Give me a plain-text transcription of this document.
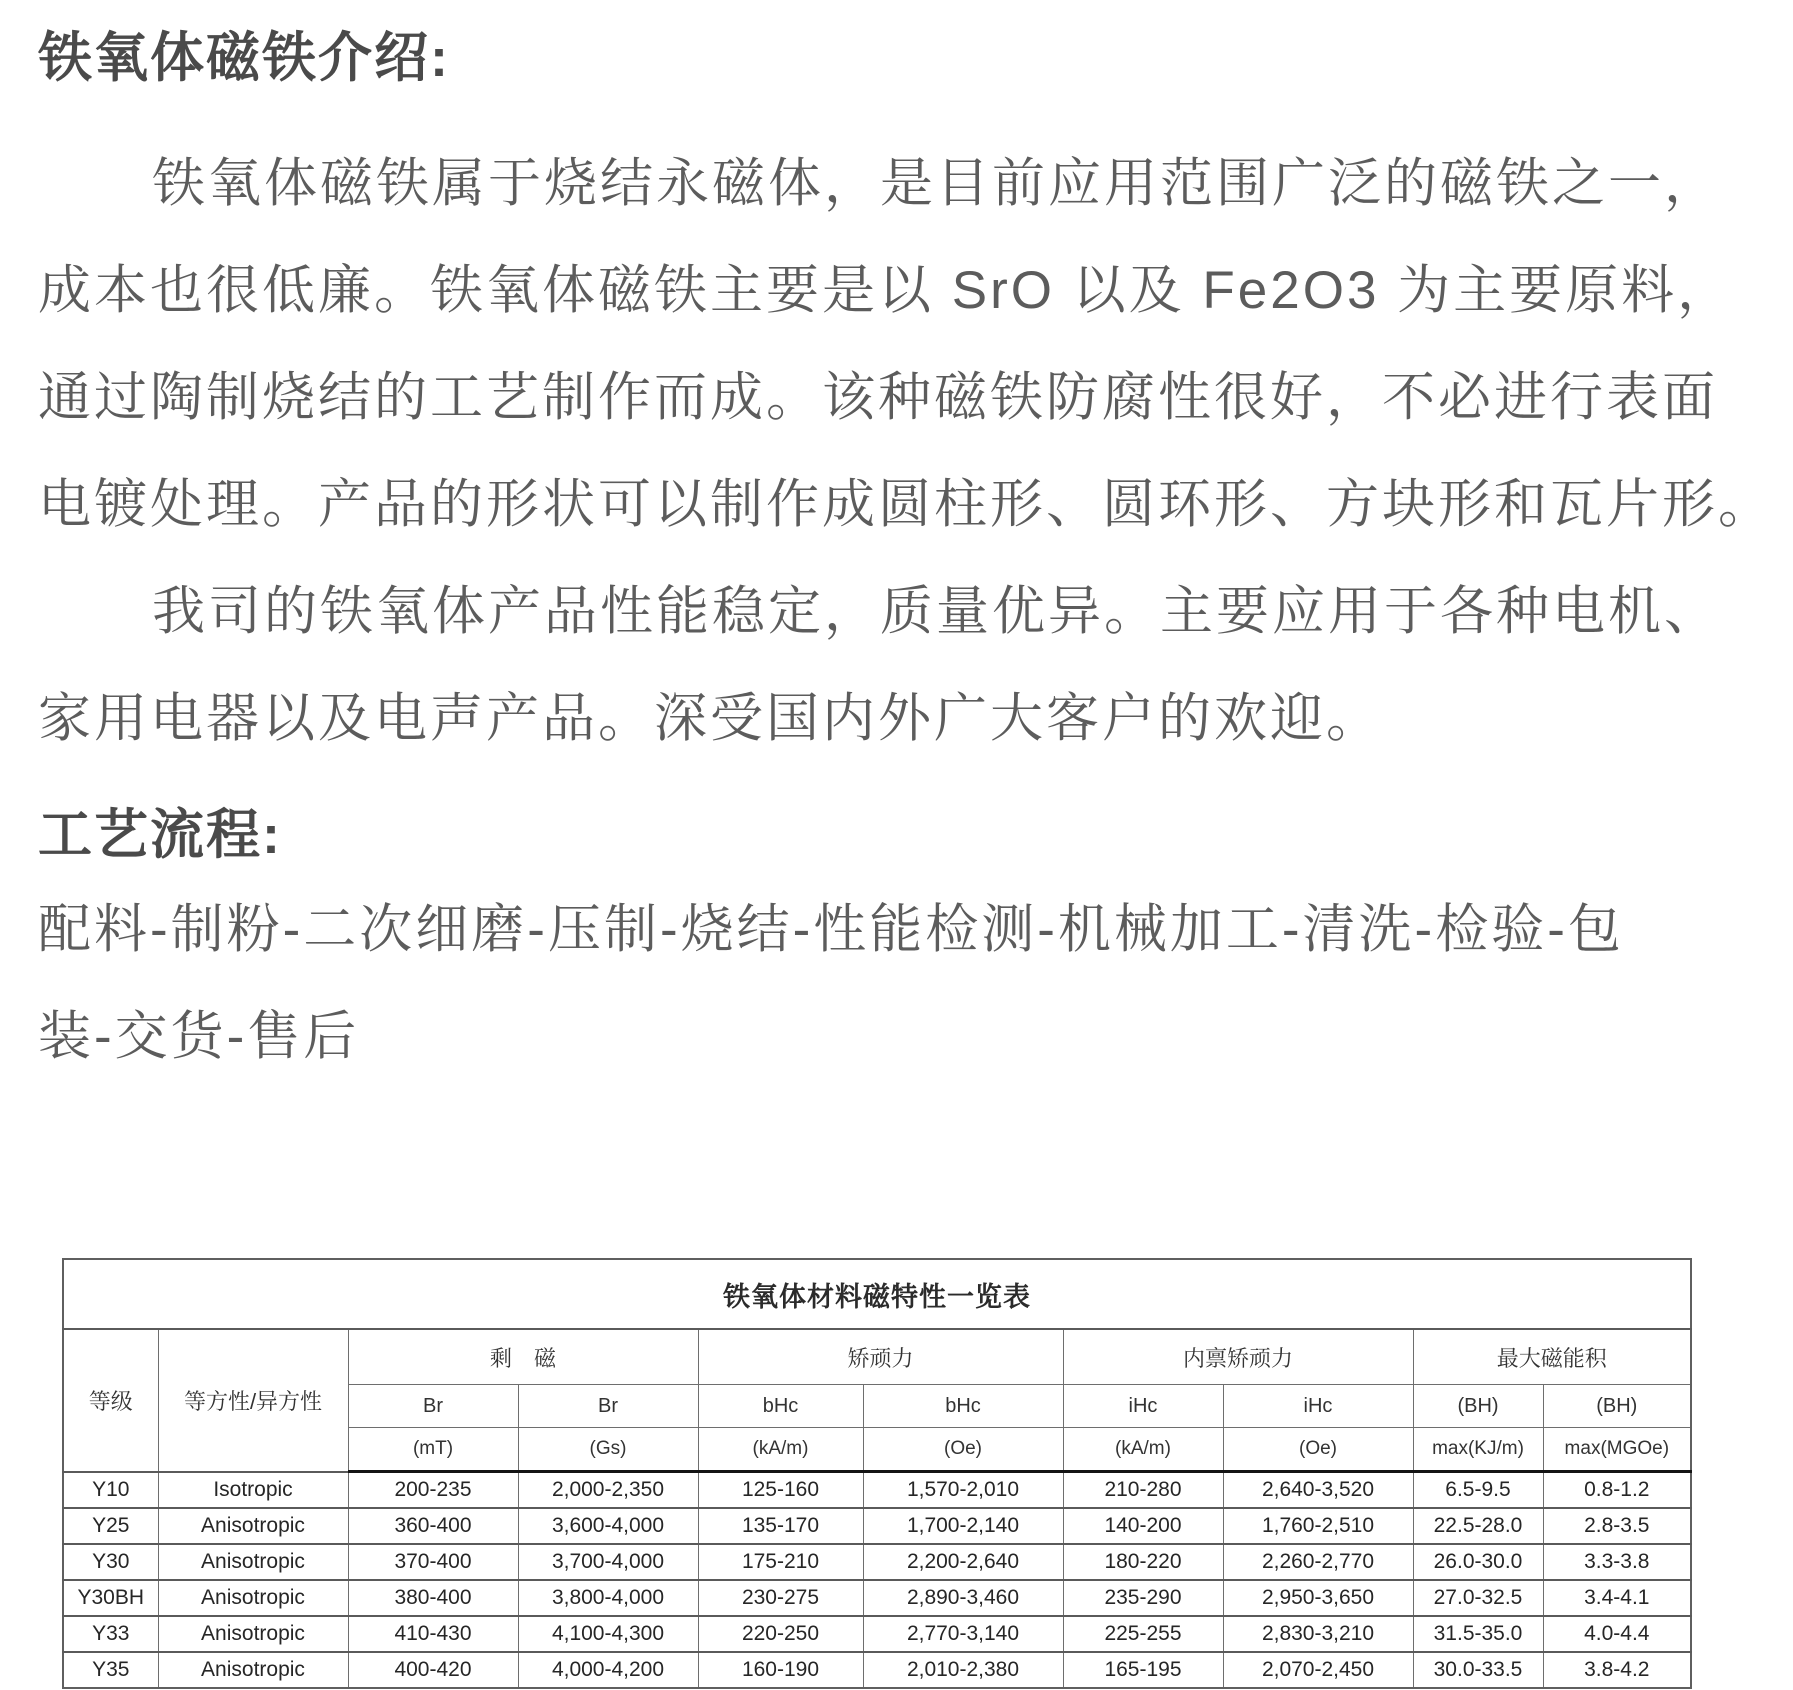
铁氧体磁铁介绍:

铁氧体磁铁属于烧结永磁体，是目前应用范围广泛的磁铁之一，

成本也很低廉。铁氧体磁铁主要是以 SrO 以及 Fe2O3 为主要原料，

通过陶制烧结的工艺制作而成。该种磁铁防腐性很好，不必进行表面

电镀处理。产品的形状可以制作成圆柱形、圆环形、方块形和瓦片形。

我司的铁氧体产品性能稳定，质量优异。主要应用于各种电机、

家用电器以及电声产品。深受国内外广大客户的欢迎。

工艺流程:

配料-制粉-二次细磨-压制-烧结-性能检测-机械加工-清洗-检验-包

装-交货-售后

铁氧体材料磁特性一览表									
等级	等方性/异方性	剩　磁		矫顽力		内禀矫顽力		最大磁能积	
		Br	Br	bHc	bHc	iHc	iHc	(BH)	(BH)
		(mT)	(Gs)	(kA/m)	(Oe)	(kA/m)	(Oe)	max(KJ/m)	max(MGOe)
Y10	Isotropic	200-235	2,000-2,350	125-160	1,570-2,010	210-280	2,640-3,520	6.5-9.5	0.8-1.2
Y25	Anisotropic	360-400	3,600-4,000	135-170	1,700-2,140	140-200	1,760-2,510	22.5-28.0	2.8-3.5
Y30	Anisotropic	370-400	3,700-4,000	175-210	2,200-2,640	180-220	2,260-2,770	26.0-30.0	3.3-3.8
Y30BH	Anisotropic	380-400	3,800-4,000	230-275	2,890-3,460	235-290	2,950-3,650	27.0-32.5	3.4-4.1
Y33	Anisotropic	410-430	4,100-4,300	220-250	2,770-3,140	225-255	2,830-3,210	31.5-35.0	4.0-4.4
Y35	Anisotropic	400-420	4,000-4,200	160-190	2,010-2,380	165-195	2,070-2,450	30.0-33.5	3.8-4.2
